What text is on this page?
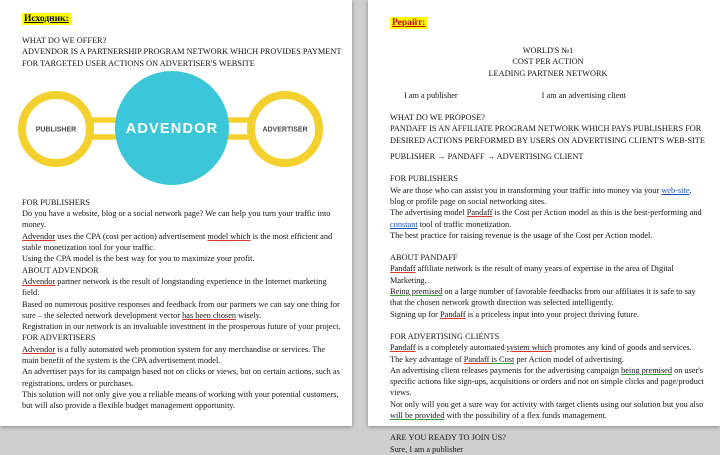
Исходник:

WHAT DO WE OFFER?

ADVENDOR IS A PARTNERSHIP PROGRAM NETWORK WHICH PROVIDES PAYMENT FOR TARGETED USER ACTIONS ON ADVERTISER'S WEBSITE

PUBLISHER	ADVENDOR	ADVERTISER

FOR PUBLISHERS

Do you have a website, blog or a social network page? We can help you turn your traffic into money.

Advendor uses the CPA (cost per action) advertisement model which is the most efficient and stable monetization tool for your traffic.

Using the CPA model is the best way for you to maximize your profit.

ABOUT ADVENDOR

Advendor partner network is the result of longstanding experience in the Internet marketing field.

Based on numerous positive responses and feedback from our partners we can say one thing for sure – the selected network development vector has been chosen wisely.

Registration in our network is an invaluable investment in the prosperous future of your project.

FOR ADVERTISERS

Advendor is a fully automated web promotion system for any merchandise or services. The main benefit of the system is the CPA advertisement model.

An advertiser pays for its campaign based not on clicks or views, but on certain actions, such as registrations, orders or purchases.

This solution will not only give you a reliable means of working with your potential customers, but will also provide a flexible budget management opportunity.

Рерайт:

WORLD'S №1

COST PER ACTION

LEADING PARTNER NETWORK

I am a publisher	I am an advertising client

WHAT DO WE PROPOSE?

PANDAFF IS AN AFFILIATE PROGRAM NETWORK WHICH PAYS PUBLISHERS FOR DESIRED ACTIONS PERFORMED BY USERS ON ADVERTISING CLIENT'S WEB-SITE

PUBLISHER → PANDAFF → ADVERTISING CLIENT

FOR PUBLISHERS

We are those who can assist you in transforming your traffic into money via your web-site, blog or profile page on social networking sites.

The advertising model Pandaff is the Cost per Action model as this is the best-performing and constant tool of traffic monetization.

The best practice for raising revenue is the usage of the Cost per Action model.

ABOUT PANDAFF

Pandaff affiliate network is the result of many years of expertise in the area of Digital Marketing.

Being premised on a large number of favorable feedbacks from our affiliates it is safe to say that the chosen network growth direction was selected intelligently.

Signing up for Pandaff is a priceless input into your project thriving future.

FOR ADVERTISING CLIENTS

Pandaff is a completely automated system which promotes any kind of goods and services. The key advantage of Pandaff is Cost per Action model of advertising.

An advertising client releases payments for the advertising campaign being premised on user's specific actions like sign-ups, acquisitions or orders and not on simple clicks and page/product views.

Not only will you get a sure way for activity with target clients using our solution but you also will be provided with the possibility of a flex funds management.

ARE YOU READY TO JOIN US?

Sure, I am a publisher
